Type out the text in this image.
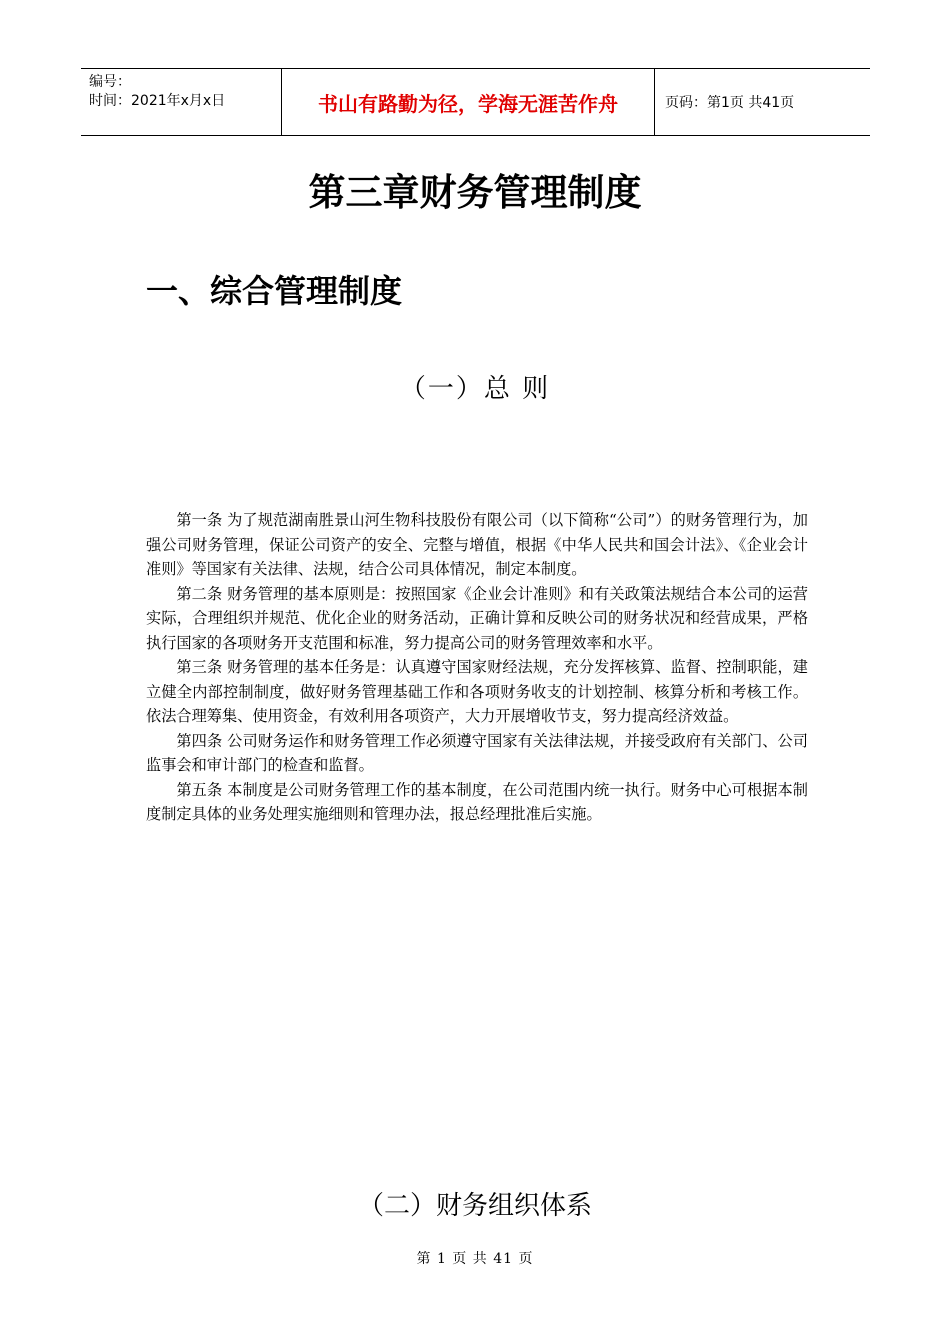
编号：
时间：2021年x月x日	书山有路勤为径，学海无涯苦作舟	页码：第1页 共41页
第三章财务管理制度
一、综合管理制度
（一）总 则

第一条 为了规范湖南胜景山河生物科技股份有限公司（以下简称“公司”）的财务管理行为，加强公司财务管理，保证公司资产的安全、完整与增值，根据《中华人民共和国会计法》、《企业会计准则》等国家有关法律、法规，结合公司具体情况，制定本制度。

第二条 财务管理的基本原则是：按照国家《企业会计准则》和有关政策法规结合本公司的运营实际，合理组织并规范、优化企业的财务活动，正确计算和反映公司的财务状况和经营成果，严格执行国家的各项财务开支范围和标准，努力提高公司的财务管理效率和水平。

第三条 财务管理的基本任务是：认真遵守国家财经法规，充分发挥核算、监督、控制职能，建立健全内部控制制度，做好财务管理基础工作和各项财务收支的计划控制、核算分析和考核工作。依法合理筹集、使用资金，有效利用各项资产，大力开展增收节支，努力提高经济效益。

第四条 公司财务运作和财务管理工作必须遵守国家有关法律法规，并接受政府有关部门、公司监事会和审计部门的检查和监督。

第五条 本制度是公司财务管理工作的基本制度，在公司范围内统一执行。财务中心可根据本制度制定具体的业务处理实施细则和管理办法，报总经理批准后实施。

（二）财务组织体系
第 1 页 共 41 页
